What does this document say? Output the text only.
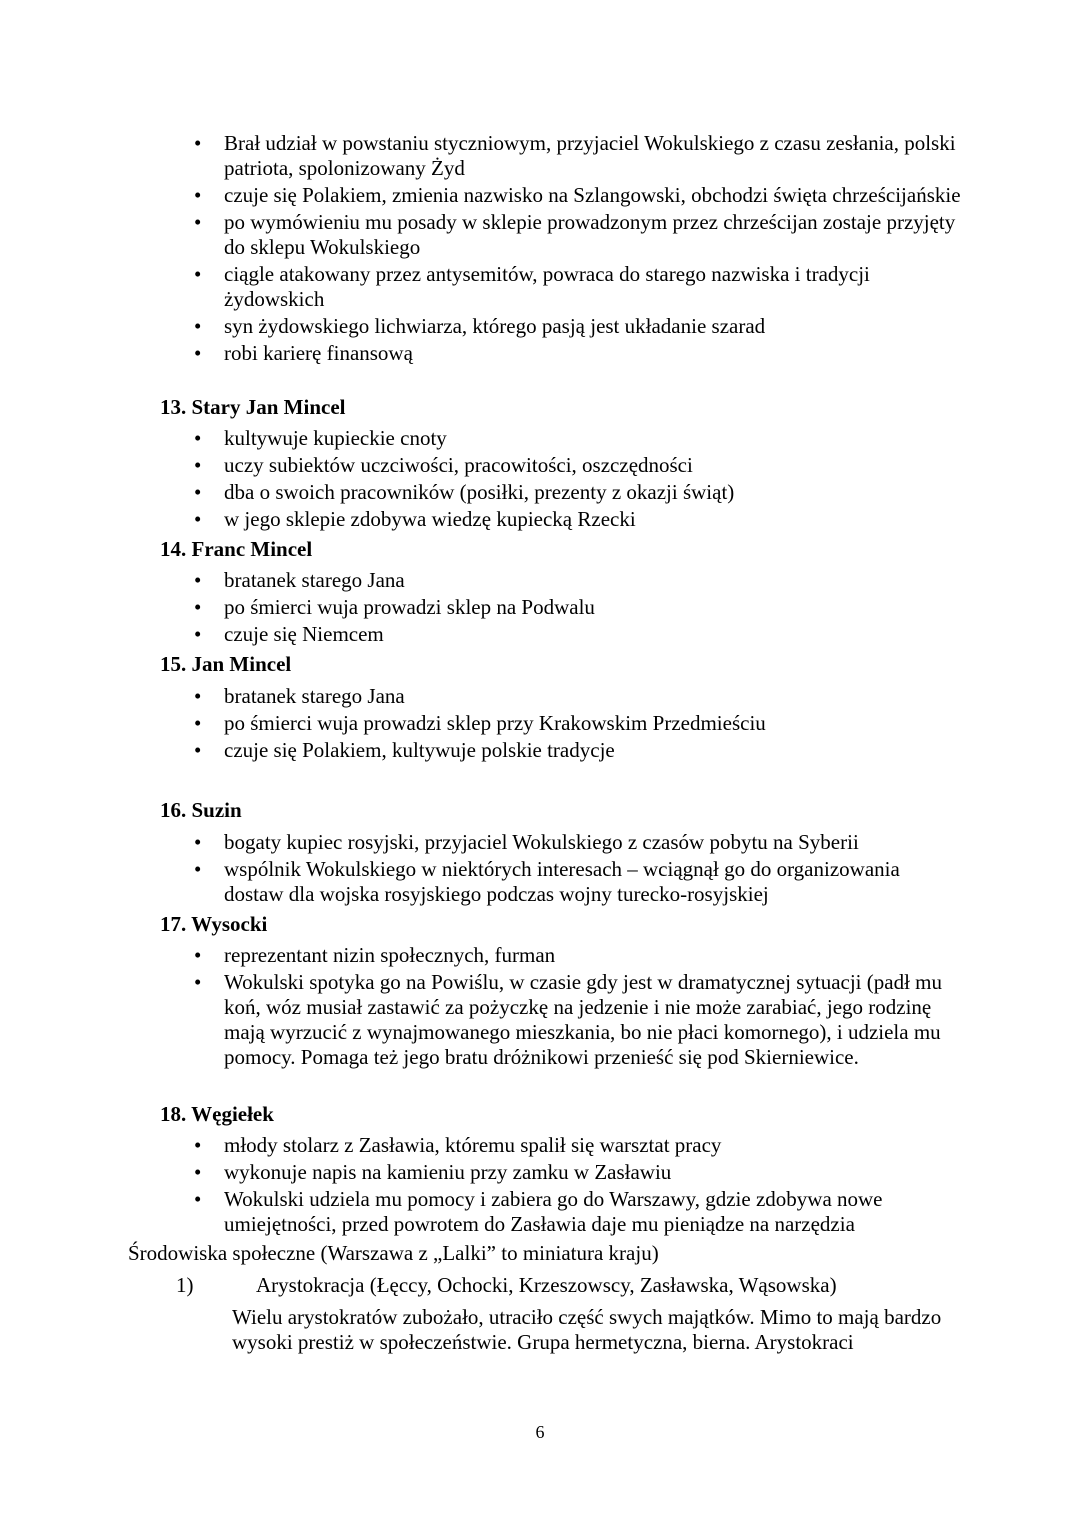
• Brał udział w powstaniu styczniowym, przyjaciel Wokulskiego z czasu zesłania, polski patriota, spolonizowany Żyd
• czuje się Polakiem, zmienia nazwisko na Szlangowski, obchodzi święta chrześcijańskie
• po wymówieniu mu posady w sklepie prowadzonym przez chrześcijan zostaje przyjęty do sklepu Wokulskiego
• ciągle atakowany przez antysemitów, powraca do starego nazwiska i tradycji żydowskich
• syn żydowskiego lichwiarza, którego pasją jest układanie szarad
• robi karierę finansową
13. Stary Jan Mincel
• kultywuje kupieckie cnoty
• uczy subiektów uczciwości, pracowitości, oszczędności
• dba o swoich pracowników (posiłki, prezenty z okazji świąt)
• w jego sklepie zdobywa wiedzę kupiecką Rzecki
14. Franc Mincel
• bratanek starego Jana
• po śmierci wuja prowadzi sklep na Podwalu
• czuje się Niemcem
15. Jan Mincel
• bratanek starego Jana
• po śmierci wuja prowadzi sklep przy Krakowskim Przedmieściu
• czuje się Polakiem, kultywuje polskie tradycje
16. Suzin
• bogaty kupiec rosyjski, przyjaciel Wokulskiego z czasów pobytu na Syberii
• wspólnik Wokulskiego w niektórych interesach – wciągnął go do organizowania dostaw dla wojska rosyjskiego podczas wojny turecko-rosyjskiej
17. Wysocki
• reprezentant nizin społecznych, furman
• Wokulski spotyka go na Powiślu, w czasie gdy jest w dramatycznej sytuacji (padł mu koń, wóz musiał zastawić za pożyczkę na jedzenie i nie może zarabiać, jego rodzinę mają wyrzucić z wynajmowanego mieszkania, bo nie płaci komornego), i udziela mu pomocy. Pomaga też jego bratu dróżnikowi przenieść się pod Skierniewice.
18. Węgiełek
• młody stolarz z Zasławia, któremu spalił się warsztat pracy
• wykonuje napis na kamieniu przy zamku w Zasławiu
• Wokulski udziela mu pomocy i zabiera go do Warszawy, gdzie zdobywa nowe umiejętności, przed powrotem do Zasławia daje mu pieniądze na narzędzia

Środowiska społeczne (Warszawa z „Lalki” to miniatura kraju)

1)	Arystokracja (Łęccy, Ochocki, Krzeszowscy, Zasławska, Wąsowska)

Wielu arystokratów zubożało, utraciło część swych majątków. Mimo to mają bardzo wysoki prestiż w społeczeństwie. Grupa hermetyczna, bierna. Arystokraci

6
